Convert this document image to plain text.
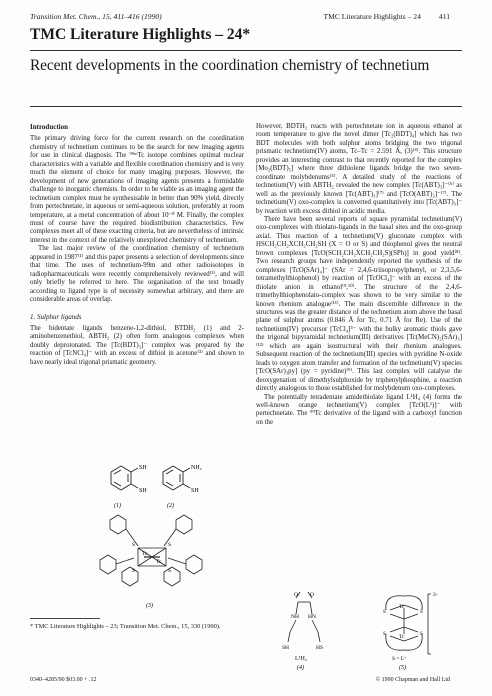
Transition Met. Chem., 15, 411–416 (1990)	TMC Literature Highlights – 24 411
TMC Literature Highlights – 24*
Recent developments in the coordination chemistry of technetium
Introduction

The primary driving force for the current research on the coordination chemistry of technetium continues to be the search for new imaging agents for use in clinical diagnosis. The ⁹⁹ᵐTc isotope combines optimal nuclear characteristics with a variable and flexible coordination chemistry and is very much the element of choice for many imaging purposes. However, the development of new generations of imaging agents presents a formidable challenge to inorganic chemists. In order to be viable as an imaging agent the technetium complex must be synthesisable in better than 90% yield, directly from pertechnetate, in aqueous or semi-aqueous solution, preferably at room temperature, at a metal concentration of about 10⁻⁸ M. Finally, the complex must of course have the required biodistribution characteristics. Few complexes meet all of these exacting criteria, but are nevertheless of intrinsic interest in the context of the relatively unexplored chemistry of technetium.

The last major review of the coordination chemistry of technetium appeared in 1987⁽¹⁾ and this paper presents a selection of developments since that time. The uses of technetium-99m and other radioisotopes in radiopharmaceuticals were recently comprehensively reviewed⁽²⁾, and will only briefly be referred to here. The organisation of the text broadly according to ligand type is of necessity somewhat arbitrary, and there are considerable areas of overlap.

1. Sulphur ligands

The bidentate ligands benzene-1,2-dithiol, BTDH₂ (1) and 2-aminobenzenethiol, ABTH₂ (2) often form analogous complexes when doubly deprotonated. The [Tc(BDT)₃]⁻ complex was prepared by the reaction of [TcNCl₄]⁻ with an excess of dithiol in acetone⁽³⁾ and shown to have nearly ideal trigonal prismatic geometry.

SH
SH
(1)
NH₂
SH
(2)
S	S
S	S
Tc
Tc
(3)
* TMC Literature Highlights – 23; Transition Met. Chem., 15, 330 (1990).

However, BDTH₂ reacts with pertechnetate ion in aqueous ethanol at room temperature to give the novel dimer [Tc₂(BDT)₄] which has two BDT molecules with both sulphur atoms bridging the two trigonal prismatic technetium(IV) atoms, Tc–Tc = 2.591 Å, (3)⁽⁴⁾. This structure provides an interesting contrast to that recently reported for the complex [Mo₂(BDT)₅] where three dithiolene ligands bridge the two seven-coordinate molybdenums⁽⁵⁾. A detailed study of the reactions of technetium(V) with ABTH₂ revealed the new complex [Tc(ABT)₃]⁻⁽⁶⁾ as well as the previously known [Tc(ABT)₃]⁽⁷⁾ and [TcO(ABT)₂]⁻⁽⁷⁾. The technetium(V) oxo-complex is converted quantitatively into [Tc(ABT)₃]⁻ by reaction with excess dithiol in acidic media.

There have been several reports of square pyramidal technetium(V) oxo-complexes with thiolato-ligands in the basal sites and the oxo-group axial. Thus reaction of a technetium(V) gluconate complex with HSCH₂CH₂XCH₂CH₂SH (X = O or S) and thiophenol gives the neutral brown complexes [TcO(SCH₂CH₂XCH₂CH₂S)(SPh)] in good yield⁽⁸⁾. Two research groups have independently reported the synthesis of the complexes [TcO(SAr)₄]⁻ (SAr = 2,4,6-triisopropylphenyl, or 2,3,5,6-tetramethylthiophenol) by reaction of [TcOCl₄]⁻ with an excess of the thiolate anion in ethanol⁽⁹,¹⁰⁾. The structure of the 2,4,6-trimethylthiophenolato-complex was shown to be very similar to the known rhenium analogue⁽¹¹⁾. The main discernible difference in the structures was the greater distance of the technetium atom above the basal plane of sulphur atoms (0.846 Å for Tc, 0.71 Å for Re). Use of the technetium(IV) precursor [TcCl₄]³⁻ with the bulky aromatic thiols gave the trigonal bipyramidal technetium(III) derivatives [Tc(MeCN)₂(SAr)₃]⁽¹²⁾ which are again isostructural with their rhenium analogues. Subsequent reaction of the technetium(III) species with pyridine N-oxide leads to oxygen atom transfer and formation of the technetium(V) species [TcO(SAr)₃py] (py = pyridine)⁽⁹⁾. This last complex will catalyse the deoxygenation of dimethylsulphoxide by triphenylphosphine, a reaction directly analogous to those established for molybdenum oxo-complexes.

The potentially tetradentate amidethiolate ligand L¹H₄ (4) forms the well-known orange technetium(V) complex [TcO(L¹)]⁻ with pertechnetate. The ⁹⁹Tc derivative of the ligand with a carboxyl function on the

NH HN
O O
SH	HS
L¹H₄
(4)
Tc
Tc
S	S
S	S
2-
S = L¹
(5)
0340–4285/90 $03.00 + .12	© 1990 Chapman and Hall Ltd
